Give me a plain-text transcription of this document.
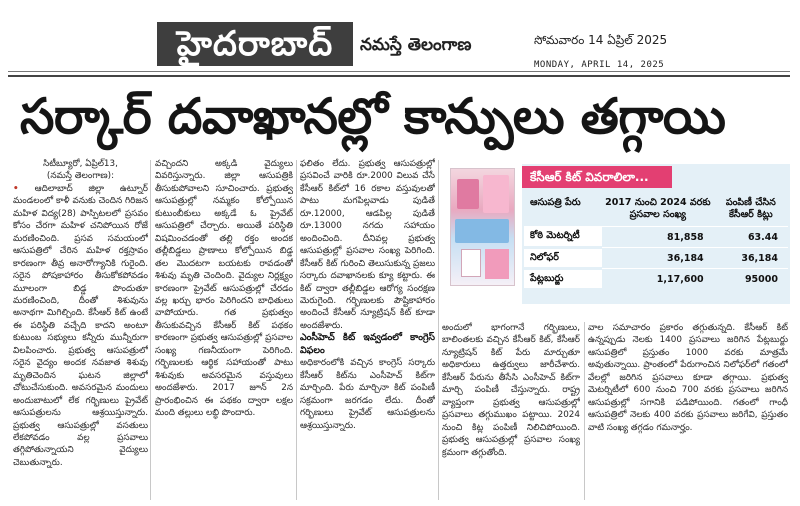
హైదరాబాద్	నమస్తే తెలంగాణ	సోమవారం 14 ఏప్రిల్ 2025
MONDAY, APRIL 14, 2025
సర్కార్ దవాఖానల్లో కాన్పులు తగ్గాయి

సిటీబ్యూరో, ఏప్రిల్13,

(నమస్తే తెలంగాణ):

• ఆదిలాబాద్ జిల్లా ఉట్నూర్ మండలంలో కాళీ వనుకు చెందిన గిరిజన మహిళ విద్య(28) పాస్పిటలలో ప్రసవం కోసం చేరగా మహిళ చనిపోయిన రోజే మరణించింది. ప్రసవ సమయంలో ఆసుపత్రిలో చేరిన మహిళ రక్తస్రావం కారణంగా తీవ్ర అనారోగ్యానికి గురైంది. సరైన పోషకాహారం తీసుకోకపోవడం మూలంగా బిడ్డ పొందుతూ మరణించింది, దీంతో శిశువును అనాథగా మిగిల్చింది. కేసీఆర్ కిట్ ఉంటే ఈ పరిస్థితి వచ్చేది కాదని అంటూ కుటుంబ సభ్యులు కన్నీరు మున్నీరుగా విలపించారు. ప్రభుత్వ ఆసుపత్రులో సరైన వైద్యం అందక నవజాత శిశువు మృతిచెందిన ఘటన జిల్లాలో చోటుచేసుకుంది. అవసరమైన మందులు అందుబాటులో లేక గర్భిణులు ప్రైవేట్ ఆసుపత్రులను ఆశ్రయిస్తున్నారు. ప్రభుత్వ ఆసుపత్రుల్లో వసతులు లేకపోవడం వల్ల ప్రసవాలు తగ్గిపోతున్నాయని వైద్యులు చెబుతున్నారు.

వచ్చిందని అక్కడి వైద్యులు వివరిస్తున్నారు. జిల్లా ఆసుపత్రికి తీసుకుపోవాలని సూచించారు. ప్రభుత్వ ఆసుపత్రుల్లో నమ్మకం కోల్పోయిన కుటుంబీకులు అక్కడే ఓ ప్రైవేట్ ఆసుపత్రిలో చేర్చారు. అయితే పరిస్థితి విషమించడంతో తల్లి రక్తం అందక తల్లీబిడ్డలు ప్రాణాలు కోల్పోయిన బిడ్డ తల మొదటగా బయటకు రావడంతో శిశువు మృతి చెందింది. వైద్యుల నిర్లక్ష్యం కారణంగా ప్రైవేట్ ఆసుపత్రుల్లో చేరడం వల్ల ఖర్చు భారం పెరిగిందని బాధితులు వాపోయారు. గత ప్రభుత్వం తీసుకువచ్చిన కేసీఆర్ కిట్ పథకం కారణంగా ప్రభుత్వ ఆసుపత్రుల్లో ప్రసవాల సంఖ్య గణనీయంగా పెరిగింది. గర్భిణులకు ఆర్థిక సహాయంతో పాటు శిశువుకు అవసరమైన వస్తువులు అందజేశారు. 2017 జూన్ 2న ప్రారంభించిన ఈ పథకం ద్వారా లక్షల మంది తల్లులు లబ్ధి పొందారు.

ఫలితం లేదు. ప్రభుత్వ ఆసుపత్రుల్లో ప్రసవించే వారికి రూ.2000 విలువ చేసే కేసీఆర్ కిట్‌లో 16 రకాల వస్తువులతో పాటు మగపిల్లవాడు పుడితే రూ.12000, ఆడపిల్ల పుడితే రూ.13000 నగదు సహాయం అందించింది. దీనివల్ల ప్రభుత్వ ఆసుపత్రుల్లో ప్రసవాల సంఖ్య పెరిగింది. కేసీఆర్ కిట్ గురించి తెలుసుకున్న ప్రజలు సర్కారు దవాఖానలకు క్యూ కట్టారు. ఈ కిట్ ద్వారా తల్లీబిడ్డల ఆరోగ్య సంరక్షణ మెరుగైంది. గర్భిణులకు పౌష్టికాహారం అందించే కేసీఆర్ న్యూట్రిషన్ కిట్ కూడా అందజేశారు.

ఎంసీహెచ్ కిట్ ఇవ్వడంలో కాంగ్రెస్ విఫలం

అధికారంలోకి వచ్చిన కాంగ్రెస్ సర్కారు కేసీఆర్ కిట్‌ను ఎంసీహెచ్ కిట్‌గా మార్చింది. పేరు మార్చినా కిట్ పంపిణీ సక్రమంగా జరగడం లేదు. దీంతో గర్భిణులు ప్రైవేట్ ఆసుపత్రులను ఆశ్రయిస్తున్నారు.

కేసీఆర్ కిట్ వివరాలిలా...
ఆసుపత్రి పేరు	2017 నుంచి 2024 వరకు ప్రసవాల సంఖ్య	పంపిణీ చేసిన కేసీఆర్ కిట్లు
కోఠి మెటర్నిటీ	81,858	63.44
నిలోఫర్	36,184	36,184
పేట్లబుర్జు	1,17,600	95000

అందులో భాగంగానే గర్భిణులు, బాలింతలకు వచ్చిన కేసీఆర్ కిట్, కేసీఆర్ న్యూట్రిషన్ కిట్ పేరు మార్చుతూ అధికారులు ఉత్తర్వులు జారీచేశారు. కేసీఆర్ పేరును తీసేసి ఎంసీహెచ్ కిట్‌గా మార్చి పంపిణీ చేస్తున్నారు. రాష్ట్ర వ్యాప్తంగా ప్రభుత్వ ఆసుపత్రుల్లో ప్రసవాలు తగ్గుముఖం పట్టాయి. 2024 నుంచి కిట్ల పంపిణీ నిలిచిపోయింది. ప్రభుత్వ ఆసుపత్రుల్లో ప్రసవాల సంఖ్య క్రమంగా తగ్గుతోంది.

వాల సమాచారం ప్రకారం తగ్గుతున్నది. కేసీఆర్ కిట్ ఉన్నప్పుడు నెలకు 1400 ప్రసవాలు జరిగిన పేట్లబుర్జు ఆసుపత్రిలో ప్రస్తుతం 1000 వరకు మాత్రమే అవుతున్నాయి. ప్రాంతంలో పేరుగాంచిన నిలోఫర్‌లో గతంలో వేలల్లో జరిగిన ప్రసవాలు కూడా తగ్గాయి. ప్రభుత్వ మెటర్నిటీలో 600 నుంచి 700 వరకు ప్రసవాలు జరిగిన ఆసుపత్రుల్లో సగానికి పడిపోయింది. గతంలో గాంధీ ఆసుపత్రిలో నెలకు 400 వరకు ప్రసవాలు జరిగేవి, ప్రస్తుతం వాటి సంఖ్య తగ్గడం గమనార్హం.
